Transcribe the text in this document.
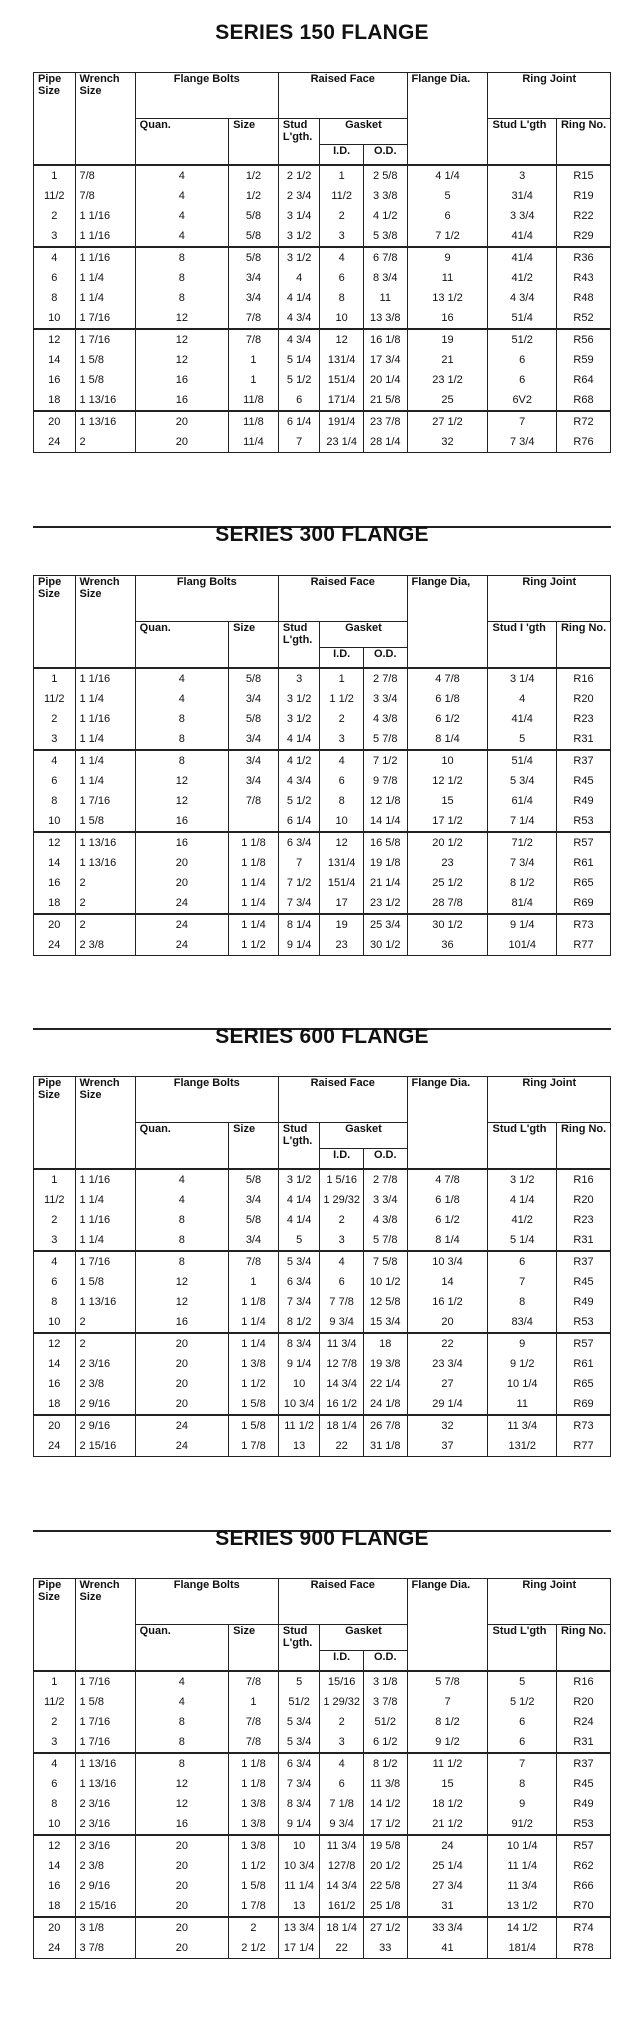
SERIES 150 FLANGE
Pipe Size	Wrench Size	Flange Bolts		Raised Face			Flange Dia.	Ring Joint	
		Quan.	Size	Stud L'gth.	Gasket			Stud L'gth	Ring No.
					I.D.	O.D.			
1	7/8	4	1/2	2 1/2	1	2 5/8	4 1/4	3	R15
11/2	7/8	4	1/2	2 3/4	11/2	3 3/8	5	31/4	R19
2	1 1/16	4	5/8	3 1/4	2	4 1/2	6	3 3/4	R22
3	1 1/16	4	5/8	3 1/2	3	5 3/8	7 1/2	41/4	R29
4	1 1/16	8	5/8	3 1/2	4	6 7/8	9	41/4	R36
6	1 1/4	8	3/4	4	6	8 3/4	11	41/2	R43
8	1 1/4	8	3/4	4 1/4	8	11	13 1/2	4 3/4	R48
10	1 7/16	12	7/8	4 3/4	10	13 3/8	16	51/4	R52
12	1 7/16	12	7/8	4 3/4	12	16 1/8	19	51/2	R56
14	1 5/8	12	1	5 1/4	131/4	17 3/4	21	6	R59
16	1 5/8	16	1	5 1/2	151/4	20 1/4	23 1/2	6	R64
18	1 13/16	16	11/8	6	171/4	21 5/8	25	6V2	R68
20	1 13/16	20	11/8	6 1/4	191/4	23 7/8	27 1/2	7	R72
24	2	20	11/4	7	23 1/4	28 1/4	32	7 3/4	R76
SERIES 300 FLANGE
Pipe Size	Wrench Size	Flang Bolts		Raised Face			Flange Dia,	Ring Joint	
		Quan.	Size	Stud L'gth.	Gasket			Stud I 'gth	Ring No.
					I.D.	O.D.			
1	1 1/16	4	5/8	3	1	2 7/8	4 7/8	3 1/4	R16
11/2	1 1/4	4	3/4	3 1/2	1 1/2	3 3/4	6 1/8	4	R20
2	1 1/16	8	5/8	3 1/2	2	4 3/8	6 1/2	41/4	R23
3	1 1/4	8	3/4	4 1/4	3	5 7/8	8 1/4	5	R31
4	1 1/4	8	3/4	4 1/2	4	7 1/2	10	51/4	R37
6	1 1/4	12	3/4	4 3/4	6	9 7/8	12 1/2	5 3/4	R45
8	1 7/16	12	7/8	5 1/2	8	12 1/8	15	61/4	R49
10	1 5/8	16		6 1/4	10	14 1/4	17 1/2	7 1/4	R53
12	1 13/16	16	1 1/8	6 3/4	12	16 5/8	20 1/2	71/2	R57
14	1 13/16	20	1 1/8	7	131/4	19 1/8	23	7 3/4	R61
16	2	20	1 1/4	7 1/2	151/4	21 1/4	25 1/2	8 1/2	R65
18	2	24	1 1/4	7 3/4	17	23 1/2	28 7/8	81/4	R69
20	2	24	1 1/4	8 1/4	19	25 3/4	30 1/2	9 1/4	R73
24	2 3/8	24	1 1/2	9 1/4	23	30 1/2	36	101/4	R77
SERIES 600 FLANGE
Pipe Size	Wrench Size	Flange Bolts		Raised Face			Flange Dia.	Ring Joint	
		Quan.	Size	Stud L'gth.	Gasket			Stud L'gth	Ring No.
					I.D.	O.D.			
1	1 1/16	4	5/8	3 1/2	1 5/16	2 7/8	4 7/8	3 1/2	R16
11/2	1 1/4	4	3/4	4 1/4	1 29/32	3 3/4	6 1/8	4 1/4	R20
2	1 1/16	8	5/8	4 1/4	2	4 3/8	6 1/2	41/2	R23
3	1 1/4	8	3/4	5	3	5 7/8	8 1/4	5 1/4	R31
4	1 7/16	8	7/8	5 3/4	4	7 5/8	10 3/4	6	R37
6	1 5/8	12	1	6 3/4	6	10 1/2	14	7	R45
8	1 13/16	12	1 1/8	7 3/4	7 7/8	12 5/8	16 1/2	8	R49
10	2	16	1 1/4	8 1/2	9 3/4	15 3/4	20	83/4	R53
12	2	20	1 1/4	8 3/4	11 3/4	18	22	9	R57
14	2 3/16	20	1 3/8	9 1/4	12 7/8	19 3/8	23 3/4	9 1/2	R61
16	2 3/8	20	1 1/2	10	14 3/4	22 1/4	27	10 1/4	R65
18	2 9/16	20	1 5/8	10 3/4	16 1/2	24 1/8	29 1/4	11	R69
20	2 9/16	24	1 5/8	11 1/2	18 1/4	26 7/8	32	11 3/4	R73
24	2 15/16	24	1 7/8	13	22	31 1/8	37	131/2	R77
SERIES 900 FLANGE
Pipe Size	Wrench Size	Flange Bolts		Raised Face			Flange Dia.	Ring Joint	
		Quan.	Size	Stud L'gth.	Gasket			Stud L'gth	Ring No.
					I.D.	O.D.			
1	1 7/16	4	7/8	5	15/16	3 1/8	5 7/8	5	R16
11/2	1 5/8	4	1	51/2	1 29/32	3 7/8	7	5 1/2	R20
2	1 7/16	8	7/8	5 3/4	2	51/2	8 1/2	6	R24
3	1 7/16	8	7/8	5 3/4	3	6 1/2	9 1/2	6	R31
4	1 13/16	8	1 1/8	6 3/4	4	8 1/2	11 1/2	7	R37
6	1 13/16	12	1 1/8	7 3/4	6	11 3/8	15	8	R45
8	2 3/16	12	1 3/8	8 3/4	7 1/8	14 1/2	18 1/2	9	R49
10	2 3/16	16	1 3/8	9 1/4	9 3/4	17 1/2	21 1/2	91/2	R53
12	2 3/16	20	1 3/8	10	11 3/4	19 5/8	24	10 1/4	R57
14	2 3/8	20	1 1/2	10 3/4	127/8	20 1/2	25 1/4	11 1/4	R62
16	2 9/16	20	1 5/8	11 1/4	14 3/4	22 5/8	27 3/4	11 3/4	R66
18	2 15/16	20	1 7/8	13	161/2	25 1/8	31	13 1/2	R70
20	3 1/8	20	2	13 3/4	18 1/4	27 1/2	33 3/4	14 1/2	R74
24	3 7/8	20	2 1/2	17 1/4	22	33	41	181/4	R78
